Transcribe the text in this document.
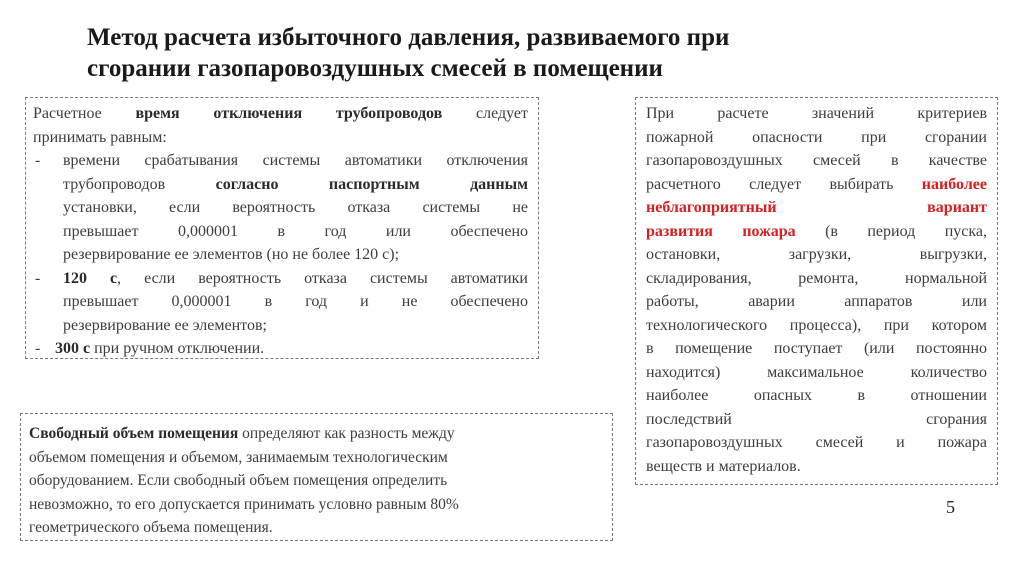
Метод расчета избыточного давления, развиваемого при
сгорании газопаровоздушных смесей в помещении

Расчетное время отключения трубопроводов следует

принимать равным:

- времени срабатывания системы автоматики отключения

трубопроводов согласно паспортным данным

установки, если вероятность отказа системы не

превышает 0,000001 в год или обеспечено

резервирование ее элементов (но не более 120 с);

- 120 с, если вероятность отказа системы автоматики

превышает 0,000001 в год и не обеспечено

резервирование ее элементов;

- 300 с при ручном отключении.

При расчете значений критериев

пожарной опасности при сгорании

газопаровоздушных смесей в качестве

расчетного следует выбирать наиболее

неблагоприятный вариант

развития пожара (в период пуска,

остановки, загрузки, выгрузки,

складирования, ремонта, нормальной

работы, аварии аппаратов или

технологического процесса), при котором

в помещение поступает (или постоянно

находится) максимальное количество

наиболее опасных в отношении

последствий сгорания

газопаровоздушных смесей и пожара

веществ и материалов.

Свободный объем помещения определяют как разность между

объемом помещения и объемом, занимаемым технологическим

оборудованием. Если свободный объем помещения определить

невозможно, то его допускается принимать условно равным 80%

геометрического объема помещения.

5
